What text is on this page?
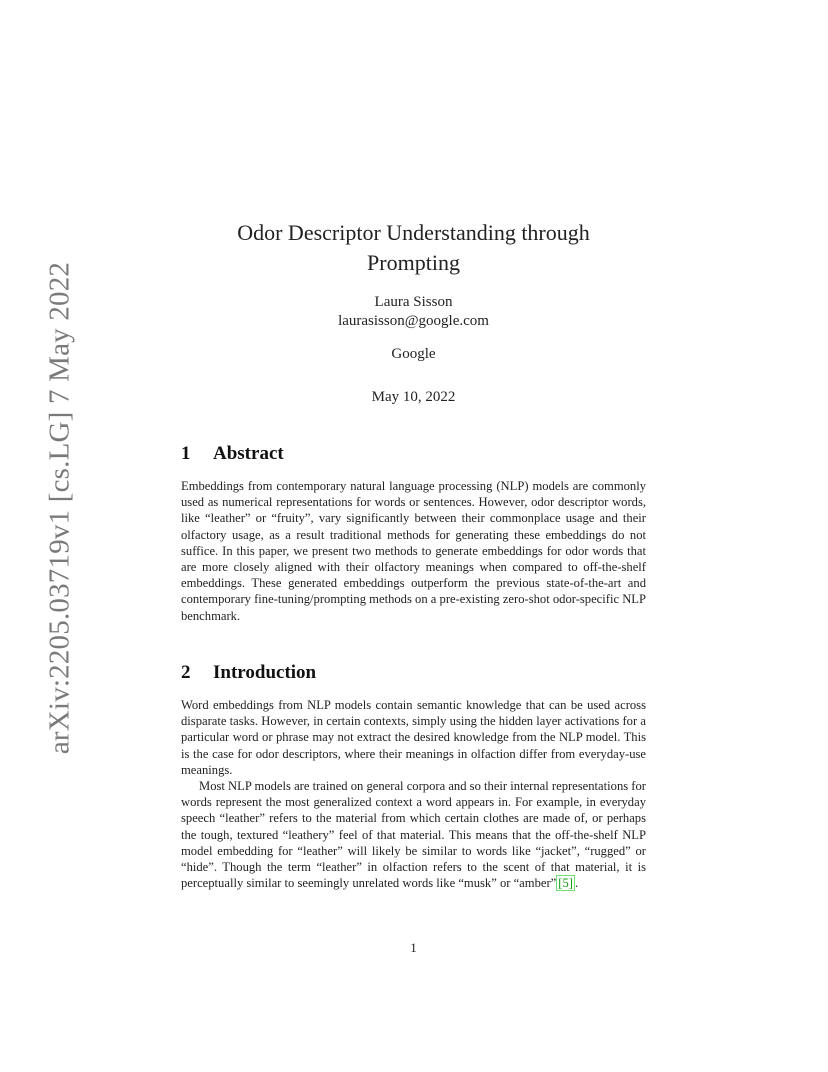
arXiv:2205.03719v1 [cs.LG] 7 May 2022
Odor Descriptor Understanding through
Prompting
Laura Sisson
laurasisson@google.com
Google
May 10, 2022
1 Abstract

Embeddings from contemporary natural language processing (NLP) models are commonly used as numerical representations for words or sentences. However, odor descriptor words, like “leather” or “fruity”, vary significantly between their commonplace usage and their olfactory usage, as a result traditional methods for generating these embeddings do not suffice. In this paper, we present two methods to generate embeddings for odor words that are more closely aligned with their olfactory meanings when compared to off-the-shelf embeddings. These generated embeddings outperform the previous state-of-the-art and contemporary fine-tuning/prompting methods on a pre-existing zero-shot odor-specific NLP benchmark.

2 Introduction

Word embeddings from NLP models contain semantic knowledge that can be used across disparate tasks. However, in certain contexts, simply using the hidden layer activations for a particular word or phrase may not extract the desired knowledge from the NLP model. This is the case for odor descriptors, where their meanings in olfaction differ from everyday-use meanings.

Most NLP models are trained on general corpora and so their internal representations for words represent the most generalized context a word appears in. For example, in everyday speech “leather” refers to the material from which certain clothes are made of, or perhaps the tough, textured “leathery” feel of that material. This means that the off-the-shelf NLP model embedding for “leather” will likely be similar to words like “jacket”, “rugged” or “hide”. Though the term “leather” in olfaction refers to the scent of that material, it is perceptually similar to seemingly unrelated words like “musk” or “amber” [5] .

1
